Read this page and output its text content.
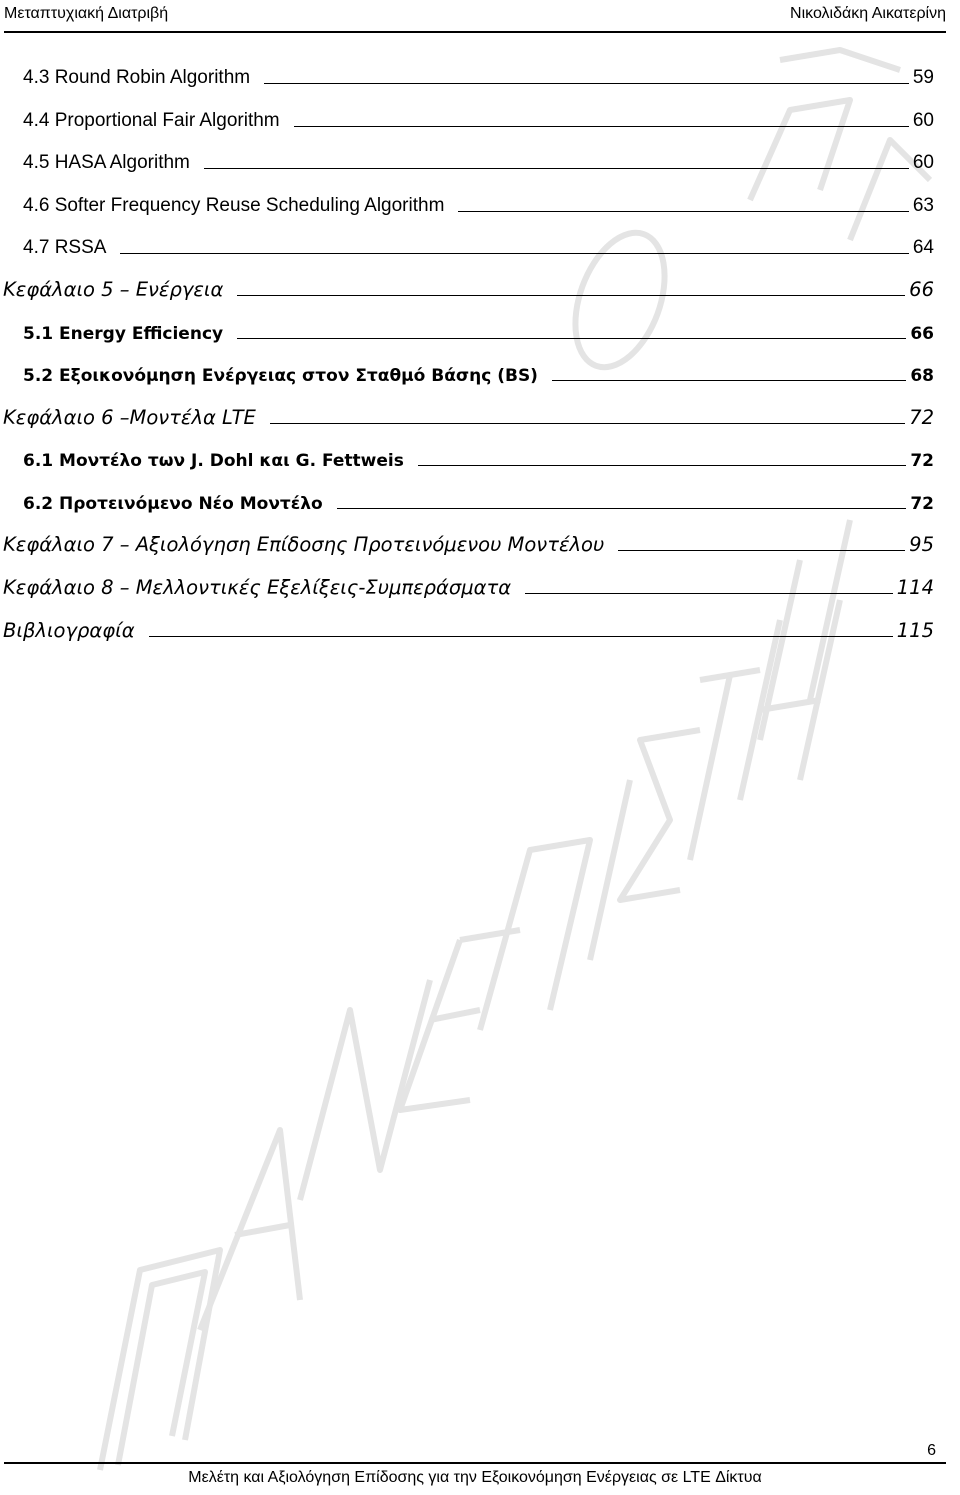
Μεταπτυχιακή Διατριβή	Νικολιδάκη Αικατερίνη
4.3 Round Robin Algorithm	59
4.4 Proportional Fair Algorithm	60
4.5 HASA Algorithm	60
4.6 Softer Frequency Reuse Scheduling Algorithm	63
4.7 RSSA	64
Κεφάλαιο 5 – Ενέργεια	66
5.1 Energy Efficiency	66
5.2 Εξοικονόμηση Ενέργειας στον Σταθμό Βάσης (BS)	68
Κεφάλαιο 6 –Μοντέλα LTE	72
6.1 Μοντέλο των J. Dohl και G. Fettweis	72
6.2 Προτεινόμενο Νέο Μοντέλο	72
Κεφάλαιο 7 – Αξιολόγηση Επίδοσης Προτεινόμενου Μοντέλου	95
Κεφάλαιο 8 – Μελλοντικές Εξελίξεις-Συμπεράσματα	114
Βιβλιογραφία	115
6
Μελέτη και Αξιολόγηση Επίδοσης για την Εξοικονόμηση Ενέργειας σε LTE Δίκτυα
